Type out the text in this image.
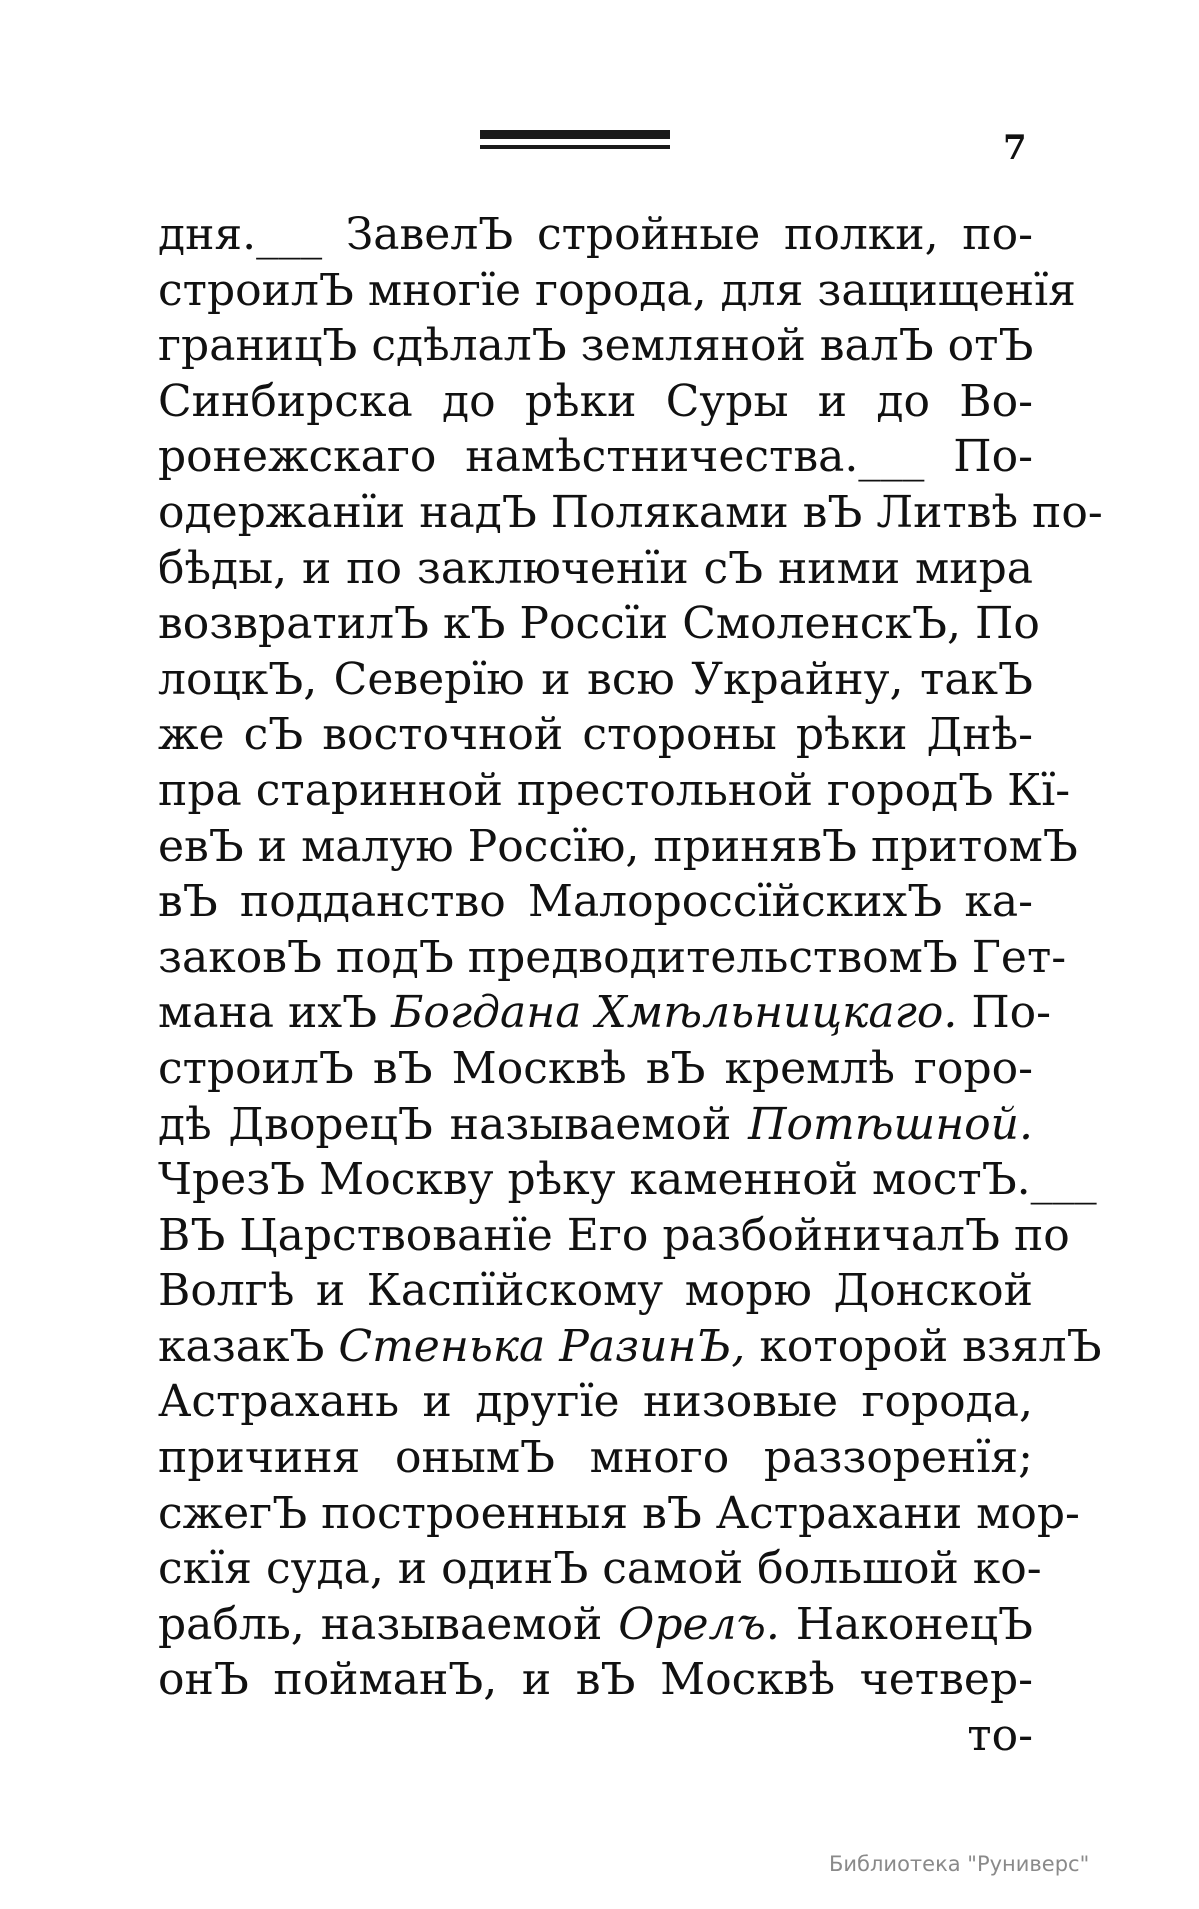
7
дня.___ ЗавелЪ стройные полки, по-
строилЪ многїе города, для защищенїя
границЪ сдѣлалЪ земляной валЪ отЪ
Синбирска до рѣки Суры и до Во-
ронежскаго намѣстничества.___ По-
одержанїи надЪ Поляками вЪ Литвѣ по-
бѣды, и по заключенїи сЪ ними мира
возвратилЪ кЪ Россїи СмоленскЪ, По
лоцкЪ, Северїю и всю Украйну, такЪ
же сЪ восточной стороны рѣки Днѣ-
пра старинной престольной городЪ Кї-
евЪ и малую Россїю, принявЪ притомЪ
вЪ подданство МалороссїйскихЪ ка-
заковЪ подЪ предводительствомЪ Гет-
мана ихЪ Богдана Хмѣльницкаго. По-
строилЪ вЪ Москвѣ вЪ кремлѣ горо-
дѣ ДворецЪ называемой Потѣшной.
ЧрезЪ Москву рѣку каменной мостЪ.___
ВЪ Царствованїе Его разбойничалЪ по
Волгѣ и Каспїйскому морю Донской
казакЪ Стенька РазинЪ, которой взялЪ
Астрахань и другїе низовые города,
причиня онымЪ много раззоренїя;
сжегЪ построенныя вЪ Астрахани мор-
скїя суда, и одинЪ самой большой ко-
рабль, называемой Орелъ. НаконецЪ
онЪ пойманЪ, и вЪ Москвѣ четвер-
то-
Библиотека "Руниверс"
